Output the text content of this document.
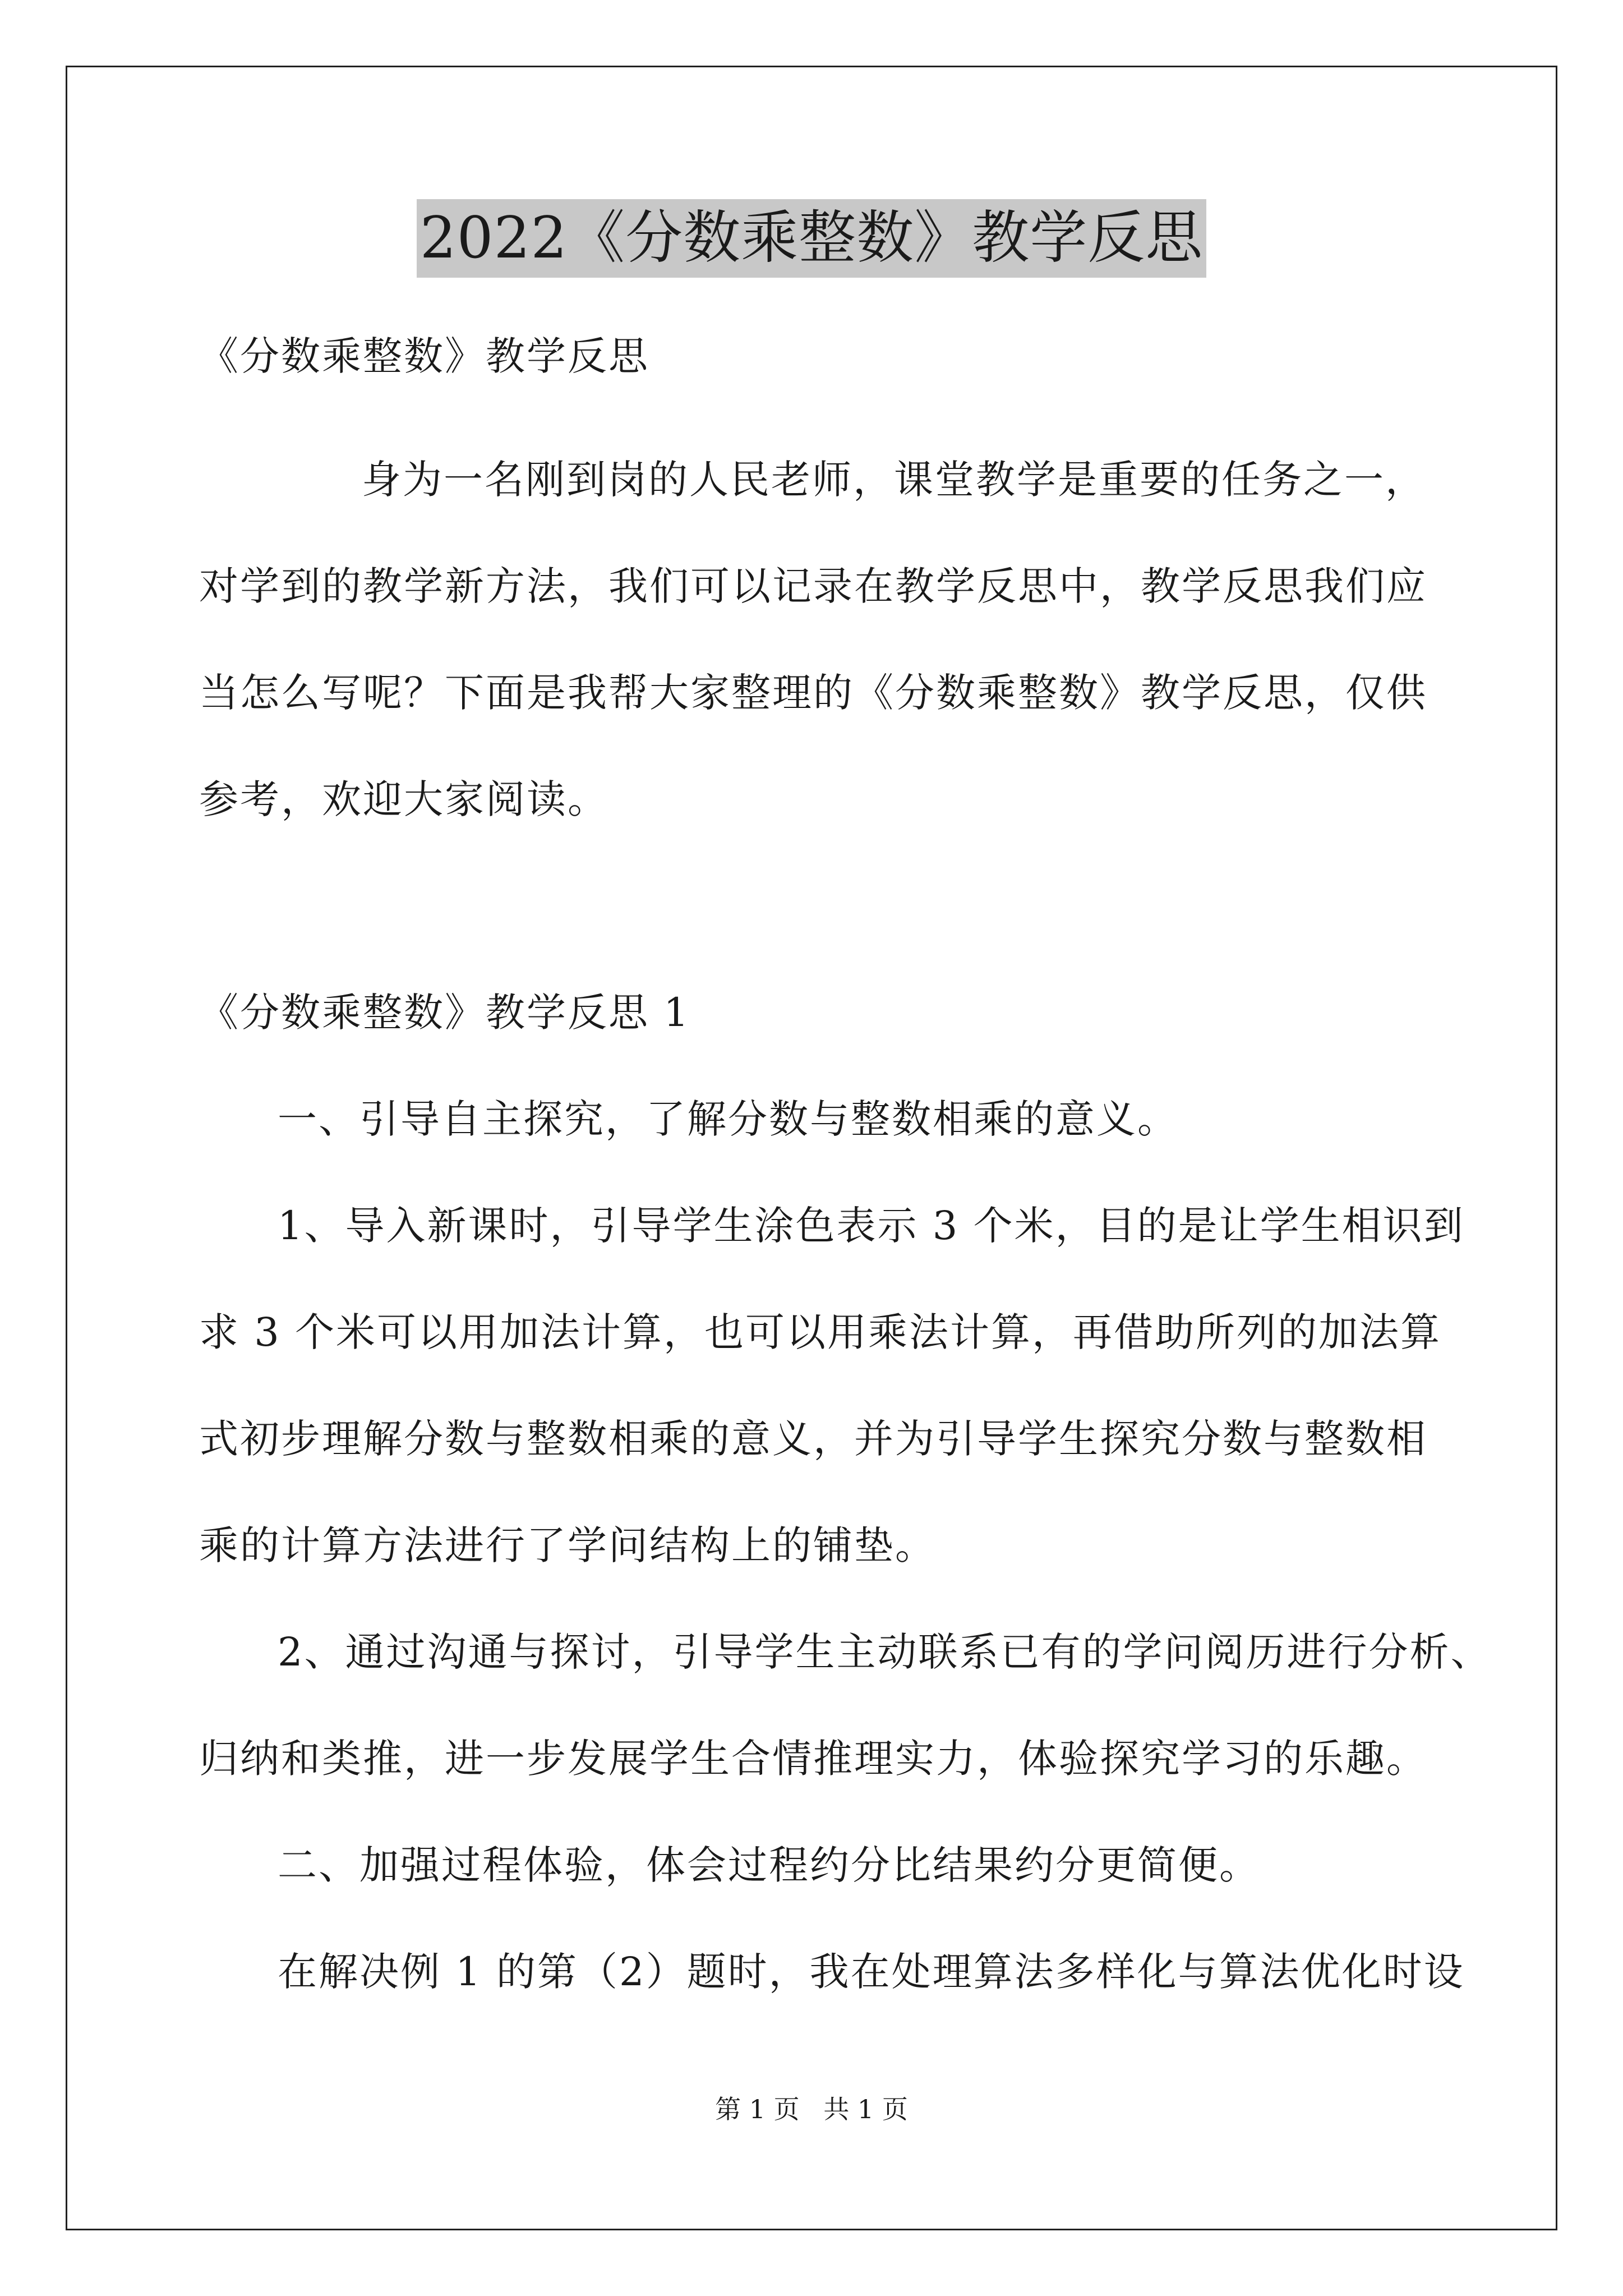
2022《分数乘整数》教学反思
《分数乘整数》教学反思
身为一名刚到岗的人民老师，课堂教学是重要的任务之一，
对学到的教学新方法，我们可以记录在教学反思中，教学反思我们应
当怎么写呢？下面是我帮大家整理的《分数乘整数》教学反思，仅供
参考，欢迎大家阅读。
《分数乘整数》教学反思 1
一、引导自主探究，了解分数与整数相乘的意义。
1、导入新课时，引导学生涂色表示 3 个米，目的是让学生相识到
求 3 个米可以用加法计算，也可以用乘法计算，再借助所列的加法算
式初步理解分数与整数相乘的意义，并为引导学生探究分数与整数相
乘的计算方法进行了学问结构上的铺垫。
2、通过沟通与探讨，引导学生主动联系已有的学问阅历进行分析、
归纳和类推，进一步发展学生合情推理实力，体验探究学习的乐趣。
二、加强过程体验，体会过程约分比结果约分更简便。
在解决例 1 的第（2）题时，我在处理算法多样化与算法优化时设
第 1 页 共 1 页
